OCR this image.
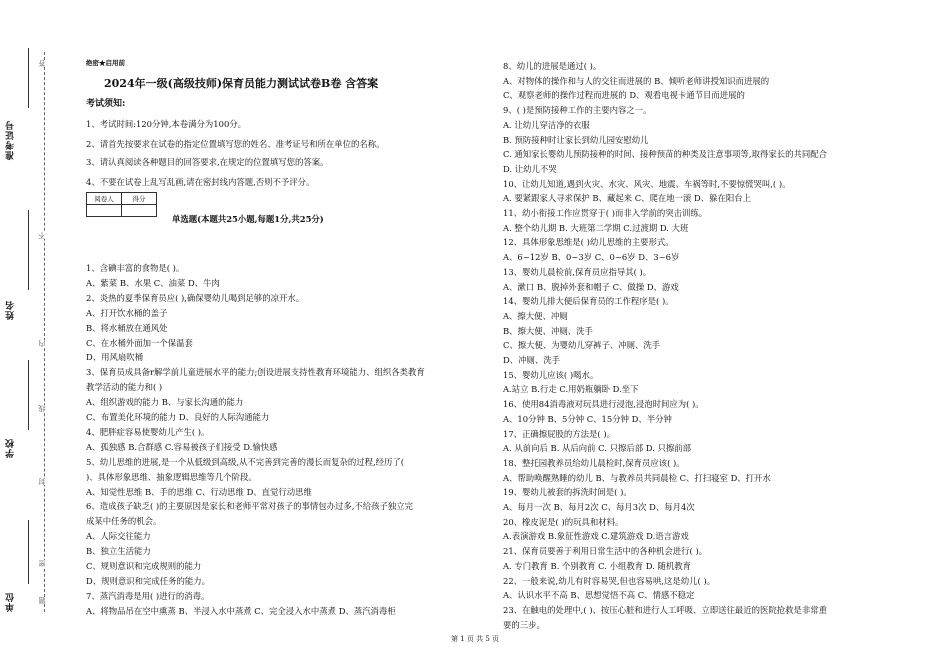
准考证号
姓名
学校
单位
答
不
内
线
封
密
题
绝密★启用前
2024年一级(高级技师)保育员能力测试试卷B卷 含答案
考试须知:
1、考试时间:120分钟,本卷满分为100分。
2、请首先按要求在试卷的指定位置填写您的姓名、准考证号和所在单位的名称。
3、请认真阅读各种题目的回答要求,在规定的位置填写您的答案。
4、不要在试卷上乱写乱画,请在密封线内答题,否则不予评分。
阅卷人	得分

单选题(本题共25小题,每题1分,共25分)
1、含碘丰富的食物是( )。
A、紫菜 B、水果 C、油菜 D、牛肉
2、炎热的夏季保育员应( ),确保婴幼儿喝到足够的凉开水。
A、打开饮水桶的盖子
B、将水桶放在通风处
C、在水桶外面加一个保温套
D、用风扇吹桶
3、保育员成具备r解学前儿童进展水平的能力;创设进展支持性教育环境能力、组织各类教育
教学活动的能力和( )
A、组织游戏的能力 B、与家长沟通的能力
C、布置美化环境的能力 D、良好的人际沟通能力
4、肥胖症容易使婴幼儿产生( )。
A、孤独感 B.合群感 C.容易被孩子们接受 D.愉快感
5、幼儿思维的进展,是一个从低级到高级,从不完善到完善的漫长而复杂的过程,经历了(
)、具体形象思维、抽象逻辑思维等几个阶段。
A、知觉性思维 B、手的思维 C、行动思维 D、直觉行动思维
6、造成孩子缺乏( )的主要原因是家长和老师平常对孩子的事情包办过多,不给孩子独立完
成某中任务的机会。
A、人际交往能力
B、独立生活能力
C、规则意识和完成规则的能力
D、规则意识和完成任务的能力。
7、蒸汽消毒是用( )进行的消毒。
A、将物品吊在空中熏蒸 B、半浸入水中蒸煮 C、完全浸入水中蒸煮 D、蒸汽消毒柜
8、幼儿的进展是通过( )。
A、对物体的操作和与人的交往而进展的 B、倾听老师讲授知识而进展的
C、观察老师的操作过程而进展的 D、观看电视卡通节目而进展的
9、( )是预防接种工作的主要内容之一。
A. 让幼儿穿洁净的衣服
B. 预防接种时让家长到幼儿园安慰幼儿
C. 通知家长婴幼儿预防接种的时间、接种预苗的种类及注意事项等,取得家长的共同配合
D. 让幼儿不哭
10、让幼儿知道,遇到火灾、水灾、风灾、地震、车祸等时,不要惊慌哭叫,( )。
A. 要紧跟家人寻求保护 B、藏起来 C、爬在地一滚 D、躲在阳台上
11、幼小衔接工作应贯穿于( )而非入学前的突击训练。
A. 整个幼儿期 B. 大班第二学期 C.过渡期 D. 大班
12、具体形象思维是( )幼儿思维的主要形式。
A、6~12岁 B、0~3岁 C、0~6岁 D、3~6岁
13、婴幼儿晨检前,保育员应指导其( )。
A、漱口 B、脱掉外套和帽子 C、做操 D、游戏
14、婴幼儿排大便后保育员的工作程序是( )。
A、擦大便、冲厕
B、擦大便、冲厕、洗手
C、擦大便、为婴幼儿穿裤子、冲厕、洗手
D、冲厕、洗手
15、婴幼儿应该( )喝水。
A.站立 B.行走 C.用奶瓶躺卧 D.坐下
16、使用84消毒液对玩具进行浸泡,浸泡时间应为( )。
A、10分钟 B、5分钟 C、15分钟 D、半分钟
17、正确擦屁股的方法是( )。
A. 从前向后 B. 从后向前 C. 只擦后部 D. 只擦前部
18、整托园教养员给幼儿晨检时,保育员应该( )。
A、帮助唤醒熟睡的幼儿 B、与教养员共同晨检 C、打扫寝室 D、打开水
19、婴幼儿被套的拆洗时间是( )。
A、每月一次 B、每月2次 C、每月3次 D、每月4次
20、橡皮泥是( )的玩具和材料。
A.表演游戏 B.象征性游戏 C.建筑游戏 D.语言游戏
21、保育员要善于利用日常生活中的各种机会进行( )。
A. 专门教育 B. 个别教育 C. 小组教育 D. 随机教育
22、一般来说,幼儿有时容易哭,但也容易哄,这是幼儿( )。
A、认识水平不高 B、思想觉悟不高 C、情感不稳定
23、在触电的处理中,( )、按压心脏和进行人工呼吸、立即送往最近的医院抢救是非常重
要的三步。
第 1 页 共 5 页
